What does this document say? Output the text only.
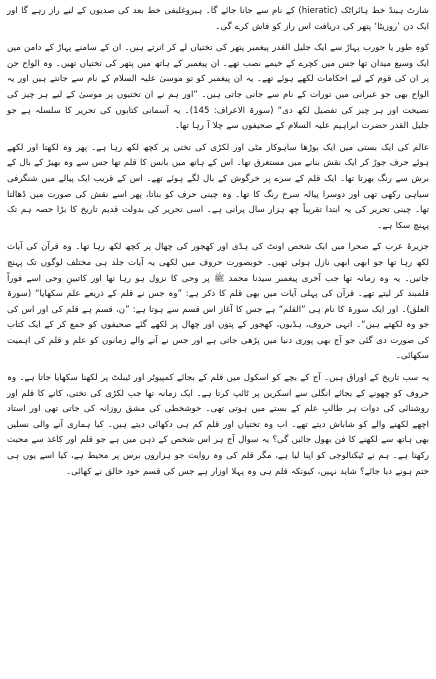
شارٹ ہینڈ خط ہائراٹک (hieratic) کے نام سے جانا جائے گا۔ ہیروغلیفی خط بعد کی صدیوں کے لیے راز رہے گا اور ایک دن ’روزیٹا‘ پتھر کی دریافت اس راز کو فاش کرے گی۔

کوہِ طور یا حورب پہاڑ سے ایک جلیل القدر پیغمبر پتھر کی تختیاں لے کر اترتے ہیں۔ ان کے سامنے پہاڑ کے دامن میں ایک وسیع میدان تھا جس میں کچرے کے خیمے نصب تھے۔ ان پیغمبر کے ہاتھ میں پتھر کی تختیاں تھیں۔ وہ الواح جن پر ان کی قوم کے لیے احکامات لکھے ہوئے تھے۔ یہ ان پیغمبر کو تو موسیٰ علیہ السلام کے نام سے جانتے ہیں اور یہ الواح بھی جو عبرانی میں تورات کے نام سے جانی جاتی ہیں۔ ”اور ہم نے ان تختیوں پر موسیٰ کے لیے ہر چیز کی نصیحت اور ہر چیز کی تفصیل لکھ دی“ (سورۃ الاعراف: 145)۔ یہ آسمانی کتابوں کی تحریر کا سلسلہ ہے جو جلیل القدر حضرت ابراہیم علیہ السلام کے صحیفوں سے چلا آ رہا تھا۔

عالم کی ایک بستی میں ایک بوڑھا ساہوکار مٹی اور لکڑی کی تختی پر کچھ لکھ رہا ہے۔ پھر وہ لکھتا اور لکھے ہوئے حرف جوڑ کر ایک نقش بنانے میں مستغرق تھا۔ اس کے ہاتھ میں بانس کا قلم تھا جس سے وہ بھیڑ کے بال کے برش سے رنگ بھرتا تھا۔ ایک قلم کے سرے پر خرگوش کے بال لگے ہوئے تھے۔ اس کے قریب ایک پیالے میں شنگرفی سیاہی رکھی تھی اور دوسرا پیالہ سرخ رنگ کا تھا۔ وہ چینی حرف کو بناتا، پھر اسے نقش کی صورت میں ڈھالتا تھا۔ چینی تحریر کی یہ ابتدا تقریباً چھ ہزار سال پرانی ہے۔ اسی تحریر کی بدولت قدیم تاریخ کا بڑا حصہ ہم تک پہنچ سکا ہے۔

جزیرۂ عرب کے صحرا میں ایک شخص اونٹ کی ہڈی اور کھجور کی چھال پر کچھ لکھ رہا تھا۔ وہ قرآن کی آیات لکھ رہا تھا جو ابھی ابھی نازل ہوئی تھیں۔ خوبصورت حروف میں لکھی یہ آیات جلد ہی مختلف لوگوں تک پہنچ جاتیں۔ یہ وہ زمانہ تھا جب آخری پیغمبر سیدنا محمد ﷺ پر وحی کا نزول ہو رہا تھا اور کاتبینِ وحی اسے فوراً قلمبند کر لیتے تھے۔ قرآن کی پہلی آیات میں بھی قلم کا ذکر ہے: ”وہ جس نے قلم کے ذریعے علم سکھایا“ (سورۃ العلق)۔ اور ایک سورۃ کا نام ہی ”القلم“ ہے جس کا آغاز اس قسم سے ہوتا ہے: ”ن، قسم ہے قلم کی اور اس کی جو وہ لکھتے ہیں“۔ انہی حروف، ہڈیوں، کھجور کے پتوں اور چھال پر لکھے گئے صحیفوں کو جمع کر کے ایک کتاب کی صورت دی گئی جو آج بھی پوری دنیا میں پڑھی جاتی ہے اور جس نے آنے والے زمانوں کو علم و قلم کی اہمیت سکھائی۔

یہ سب تاریخ کے اوراق ہیں۔ آج کے بچے کو اسکول میں قلم کے بجائے کمپیوٹر اور ٹیبلٹ پر لکھنا سکھایا جاتا ہے۔ وہ حروف کو چھونے کے بجائے انگلی سے اسکرین پر ٹائپ کرتا ہے۔ ایک زمانہ تھا جب لکڑی کی تختی، کانے کا قلم اور روشنائی کی دوات ہر طالبِ علم کے بستے میں ہوتی تھی۔ خوشخطی کی مشق روزانہ کی جاتی تھی اور استاد اچھے لکھنے والے کو شاباش دیتے تھے۔ اب وہ تختیاں اور قلم کم ہی دکھائی دیتے ہیں۔ کیا ہماری آنے والی نسلیں بھی ہاتھ سے لکھنے کا فن بھول جائیں گی؟ یہ سوال آج ہر اس شخص کے ذہن میں ہے جو قلم اور کاغذ سے محبت رکھتا ہے۔ ہم نے ٹیکنالوجی کو اپنا لیا ہے، مگر قلم کی وہ روایت جو ہزاروں برس پر محیط ہے، کیا اسے یوں ہی ختم ہونے دیا جائے؟ شاید نہیں، کیونکہ قلم ہی وہ پہلا اوزار ہے جس کی قسم خود خالق نے کھائی۔
